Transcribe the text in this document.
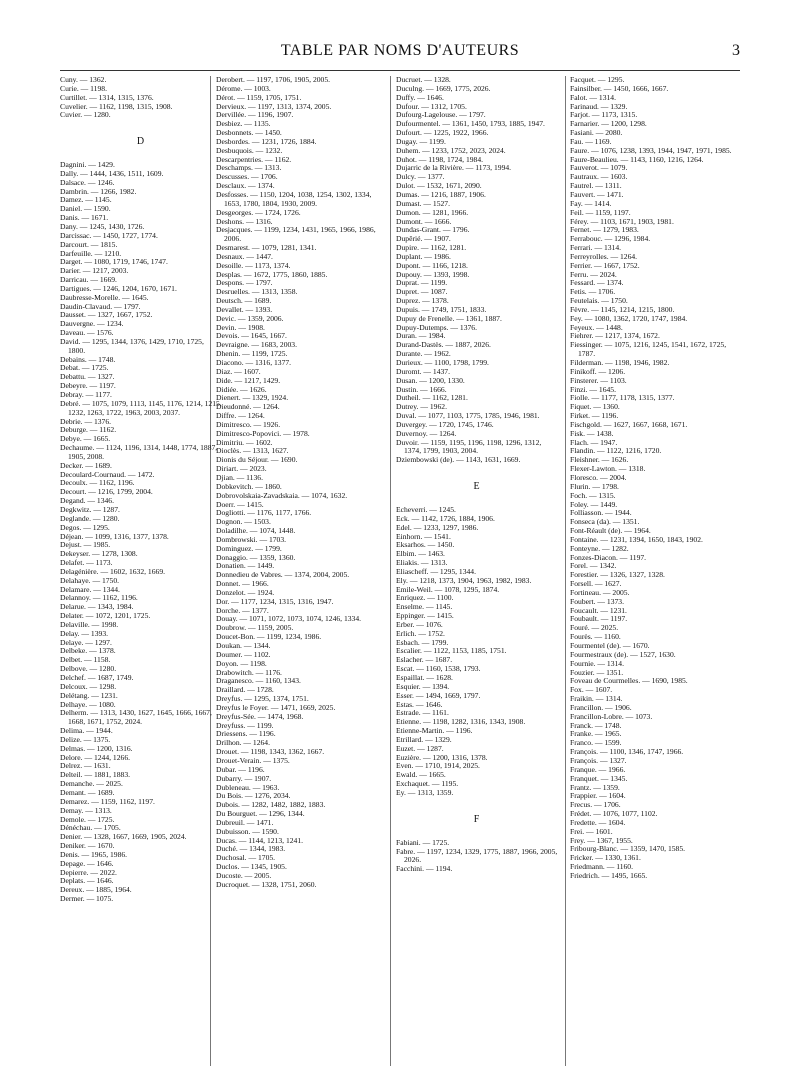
TABLE PAR NOMS D'AUTEURS	3
Cuny. — 1362.
Curie. — 1198.
Curtillet. — 1314, 1315, 1376.
Cuvelier. — 1162, 1198, 1315, 1908.
Cuvier. — 1280.
D
Dagnini. — 1429.
Dally. — 1444, 1436, 1511, 1609.
Dalsace. — 1246.
Dambrin. — 1266, 1982.
Damez. — 1145.
Daniel. — 1590.
Danis. — 1671.
Dany. — 1245, 1430, 1726.
Darcissac. — 1450, 1727, 1774.
Darcourt. — 1815.
Darfeuille. — 1210.
Darget. — 1080, 1719, 1746, 1747.
Darier. — 1217, 2003.
Darricau. — 1669.
Dartigues. — 1246, 1204, 1670, 1671.
Daubresse-Morelle. — 1645.
Daudin-Clavaud. — 1797.
Dausset. — 1327, 1667, 1752.
Dauvergne. — 1234.
Daveau. — 1576.
David. — 1295, 1344, 1376, 1429, 1710, 1725, 1800.
Debains. — 1748.
Debat. — 1725.
Debattu. — 1327.
Debeyre. — 1197.
Debray. — 1177.
Debré. — 1075, 1079, 1113, 1145, 1176, 1214, 1215, 1232, 1263, 1722, 1963, 2003, 2037.
Debrie. — 1376.
Deburge. — 1162.
Debye. — 1665.
Dechaume. — 1124, 1196, 1314, 1448, 1774, 1887, 1905, 2008.
Decker. — 1689.
Decoulard-Cournaud. — 1472.
Decoulx. — 1162, 1196.
Decourt. — 1216, 1799, 2004.
Degand. — 1346.
Degkwitz. — 1287.
Deglande. — 1280.
Degos. — 1295.
Déjean. — 1099, 1316, 1377, 1378.
Dejust. — 1985.
Dekeyser. — 1278, 1308.
Delafet. — 1173.
Delagénière. — 1602, 1632, 1669.
Delahaye. — 1750.
Delamare. — 1344.
Delannoy. — 1162, 1196.
Delarue. — 1343, 1984.
Delater. — 1072, 1201, 1725.
Delaville. — 1998.
Delay. — 1393.
Delaye. — 1297.
Delbeke. — 1378.
Delbet. — 1158.
Delbove. — 1280.
Delchef. — 1687, 1749.
Delcoux. — 1298.
Delétang. — 1231.
Delhaye. — 1080.
Delherm. — 1313, 1430, 1627, 1645, 1666, 1667, 1668, 1671, 1752, 2024.
Delima. — 1944.
Delize. — 1375.
Delmas. — 1200, 1316.
Delore. — 1244, 1266.
Delrez. — 1631.
Delteil. — 1881, 1883.
Demanche. — 2025.
Demant. — 1689.
Demarez. — 1159, 1162, 1197.
Demay. — 1313.
Demole. — 1725.
Dénéchau. — 1705.
Denier. — 1328, 1667, 1669, 1905, 2024.
Deniker. — 1670.
Denis. — 1965, 1986.
Depage. — 1646.
Depierre. — 2022.
Deplats. — 1646.
Dereux. — 1885, 1964.
Dermer. — 1075.
Derobert. — 1197, 1706, 1905, 2005.
Dérome. — 1003.
Dérot. — 1159, 1705, 1751.
Dervieux. — 1197, 1313, 1374, 2005.
Dervillée. — 1196, 1907.
Desbiez. — 1135.
Desbonnets. — 1450.
Desbordes. — 1231, 1726, 1884.
Desbuquois. — 1232.
Descarpentries. — 1162.
Deschamps. — 1313.
Descusses. — 1706.
Desclaux. — 1374.
Desfosses. — 1150, 1204, 1038, 1254, 1302, 1334, 1653, 1780, 1804, 1930, 2009.
Desgeorges. — 1724, 1726.
Deshons. — 1316.
Desjacques. — 1199, 1234, 1431, 1965, 1966, 1986, 2006.
Desmarest. — 1079, 1281, 1341.
Desnaux. — 1447.
Desoille. — 1173, 1374.
Desplas. — 1672, 1775, 1860, 1885.
Despons. — 1797.
Desruelles. — 1313, 1358.
Deutsch. — 1689.
Devallet. — 1393.
Devic. — 1359, 2006.
Devin. — 1908.
Devois. — 1645, 1667.
Devraigne. — 1683, 2003.
Dhenin. — 1199, 1725.
Diacono. — 1316, 1377.
Diaz. — 1607.
Dide. — 1217, 1429.
Didiée. — 1626.
Dienert. — 1329, 1924.
Dieudonné. — 1264.
Diffre. — 1264.
Dimitresco. — 1926.
Dimitresco-Popovici. — 1978.
Dimitriu. — 1602.
Dioclès. — 1313, 1627.
Dionis du Séjour. — 1690.
Diriart. — 2023.
Djian. — 1136.
Dobkevitch. — 1860.
Dobrovolskaia-Zavadskaia. — 1074, 1632.
Doerr. — 1415.
Dogliotti. — 1176, 1177, 1766.
Dognon. — 1503.
Doladilhe. — 1074, 1448.
Dombrowski. — 1703.
Dominguez. — 1799.
Donaggio. — 1359, 1360.
Donatien. — 1449.
Donnedieu de Vabres. — 1374, 2004, 2005.
Donnet. — 1966.
Donzelot. — 1924.
Dor. — 1177, 1234, 1315, 1316, 1947.
Dorche. — 1377.
Douay. — 1071, 1072, 1073, 1074, 1246, 1334.
Doubrow. — 1159, 2005.
Doucet-Bon. — 1199, 1234, 1986.
Doukan. — 1344.
Doumer. — 1102.
Doyon. — 1198.
Drabowitch. — 1176.
Draganesco. — 1160, 1343.
Draillard. — 1728.
Dreyfus. — 1295, 1374, 1751.
Dreyfus le Foyer. — 1471, 1669, 2025.
Dreyfus-Sée. — 1474, 1968.
Dreyfuss. — 1199.
Driessens. — 1196.
Drilhon. — 1264.
Drouet. — 1198, 1343, 1362, 1667.
Drouet-Verain. — 1375.
Dubar. — 1196.
Dubarry. — 1907.
Dubleneau. — 1963.
Du Bois. — 1276, 2034.
Dubois. — 1282, 1482, 1882, 1883.
Du Bourguet. — 1296, 1344.
Dubreuil. — 1471.
Dubuisson. — 1590.
Ducas. — 1144, 1213, 1241.
Duché. — 1344, 1983.
Duchosal. — 1705.
Duclos. — 1345, 1905.
Ducoste. — 2005.
Ducroquet. — 1328, 1751, 2060.
Ducruet. — 1328.
Duculng. — 1669, 1775, 2026.
Duffy. — 1646.
Dufour. — 1312, 1705.
Dufourg-Lagelouse. — 1797.
Dufourmentel. — 1361, 1450, 1793, 1885, 1947.
Dufourt. — 1225, 1922, 1966.
Dugay. — 1199.
Duhem. — 1233, 1752, 2023, 2024.
Duhot. — 1198, 1724, 1984.
Dujarric de la Rivière. — 1173, 1994.
Dulcy. — 1377.
Dulot. — 1532, 1671, 2090.
Dumas. — 1216, 1887, 1906.
Dumast. — 1527.
Dumon. — 1281, 1966.
Dumont. — 1666.
Dundas-Grant. — 1796.
Dupêrié. — 1907.
Dupire. — 1162, 1281.
Duplant. — 1986.
Dupont. — 1166, 1218.
Dupouy. — 1393, 1998.
Duprat. — 1199.
Dupret. — 1087.
Duprez. — 1378.
Dupuis. — 1749, 1751, 1833.
Dupuy de Frenelle. — 1361, 1887.
Dupuy-Dutemps. — 1376.
Duran. — 1984.
Durand-Dastès. — 1887, 2026.
Durante. — 1962.
Durieux. — 1100, 1798, 1799.
Duromt. — 1437.
Dusan. — 1200, 1330.
Dustin. — 1666.
Dutheil. — 1162, 1281.
Dutrey. — 1962.
Duval. — 1077, 1103, 1775, 1785, 1946, 1981.
Duvergey. — 1720, 1745, 1746.
Duvernoy. — 1264.
Duvoir. — 1159, 1195, 1196, 1198, 1296, 1312, 1374, 1799, 1903, 2004.
Dziembowski (de). — 1143, 1631, 1669.
E
Echeverri. — 1245.
Eck. — 1142, 1726, 1884, 1906.
Edel. — 1233, 1297, 1986.
Einhorn. — 1541.
Eksarhos. — 1450.
Elbim. — 1463.
Eliakis. — 1313.
Eliascheff. — 1295, 1344.
Ely. — 1218, 1373, 1904, 1963, 1982, 1983.
Emile-Weil. — 1078, 1295, 1874.
Enriquez. — 1100.
Enselme. — 1145.
Eppinger. — 1415.
Erber. — 1076.
Erlich. — 1752.
Esbach. — 1799.
Escalier. — 1122, 1153, 1185, 1751.
Eslacher. — 1687.
Escat. — 1160, 1538, 1793.
Espaillat. — 1628.
Esquier. — 1394.
Esser. — 1494, 1669, 1797.
Estas. — 1646.
Estrade. — 1161.
Etienne. — 1198, 1282, 1316, 1343, 1908.
Etienne-Martin. — 1196.
Etrillard. — 1329.
Euzet. — 1287.
Euzière. — 1200, 1316, 1378.
Even. — 1710, 1914, 2025.
Ewald. — 1665.
Exchaquet. — 1195.
Ey. — 1313, 1359.
F
Fabiani. — 1725.
Fabre. — 1197, 1234, 1329, 1775, 1887, 1966, 2005, 2026.
Facchini. — 1194.
Facquet. — 1295.
Fainsilber. — 1450, 1666, 1667.
Falot. — 1314.
Farinaud. — 1329.
Farjot. — 1173, 1315.
Farnarier. — 1200, 1298.
Fasiani. — 2080.
Fau. — 1169.
Faure. — 1076, 1238, 1393, 1944, 1947, 1971, 1985.
Faure-Beaulieu. — 1143, 1160, 1216, 1264.
Fauverot. — 1079.
Fautraux. — 1603.
Fautrel. — 1311.
Fauvert. — 1471.
Fay. — 1414.
Feil. — 1159, 1197.
Férey. — 1103, 1671, 1903, 1981.
Fernet. — 1279, 1983.
Ferrabouc. — 1296, 1984.
Ferrari. — 1314.
Ferreyrolles. — 1264.
Ferrier. — 1667, 1752.
Ferru. — 2024.
Fessard. — 1374.
Fetis. — 1706.
Feutelais. — 1750.
Fèvre. — 1145, 1214, 1215, 1800.
Fey. — 1080, 1362, 1720, 1747, 1984.
Feyeux. — 1448.
Fiehrer. — 1217, 1374, 1672.
Fiessinger. — 1075, 1216, 1245, 1541, 1672, 1725, 1787.
Filderman. — 1198, 1946, 1982.
Finikoff. — 1206.
Finsterer. — 1103.
Finzi. — 1645.
Fiolle. — 1177, 1178, 1315, 1377.
Fiquet. — 1360.
Firket. — 1196.
Fischgold. — 1627, 1667, 1668, 1671.
Fisk. — 1438.
Flach. — 1947.
Flandin. — 1122, 1216, 1720.
Fleishner. — 1626.
Flexer-Lawton. — 1318.
Floresco. — 2004.
Flurin. — 1798.
Foch. — 1315.
Foley. — 1449.
Folliasson. — 1944.
Fonseca (da). — 1351.
Font-Réault (de). — 1964.
Fontaine. — 1231, 1394, 1650, 1843, 1902.
Fonteyne. — 1282.
Fonzes-Diacon. — 1197.
Forel. — 1342.
Forestier. — 1326, 1327, 1328.
Forsell. — 1627.
Fortineau. — 2005.
Foubert. — 1373.
Foucault. — 1231.
Foubault. — 1197.
Fouré. — 2025.
Fourès. — 1160.
Fourmentel (de). — 1670.
Fourmestraux (de). — 1527, 1630.
Fournie. — 1314.
Fouzier. — 1351.
Foveau de Courmelles. — 1690, 1985.
Fox. — 1607.
Fraikin. — 1314.
Francillon. — 1906.
Francillon-Lobre. — 1073.
Franck. — 1748.
Franke. — 1965.
Franco. — 1599.
François. — 1100, 1346, 1747, 1966.
François. — 1327.
Franque. — 1966.
Franquet. — 1345.
Frantz. — 1359.
Frappier. — 1604.
Frecus. — 1706.
Frédet. — 1076, 1077, 1102.
Fredette. — 1604.
Frei. — 1601.
Frey. — 1367, 1955.
Fribourg-Blanc. — 1359, 1470, 1585.
Fricker. — 1330, 1361.
Friedmann. — 1160.
Friedrich. — 1495, 1665.
